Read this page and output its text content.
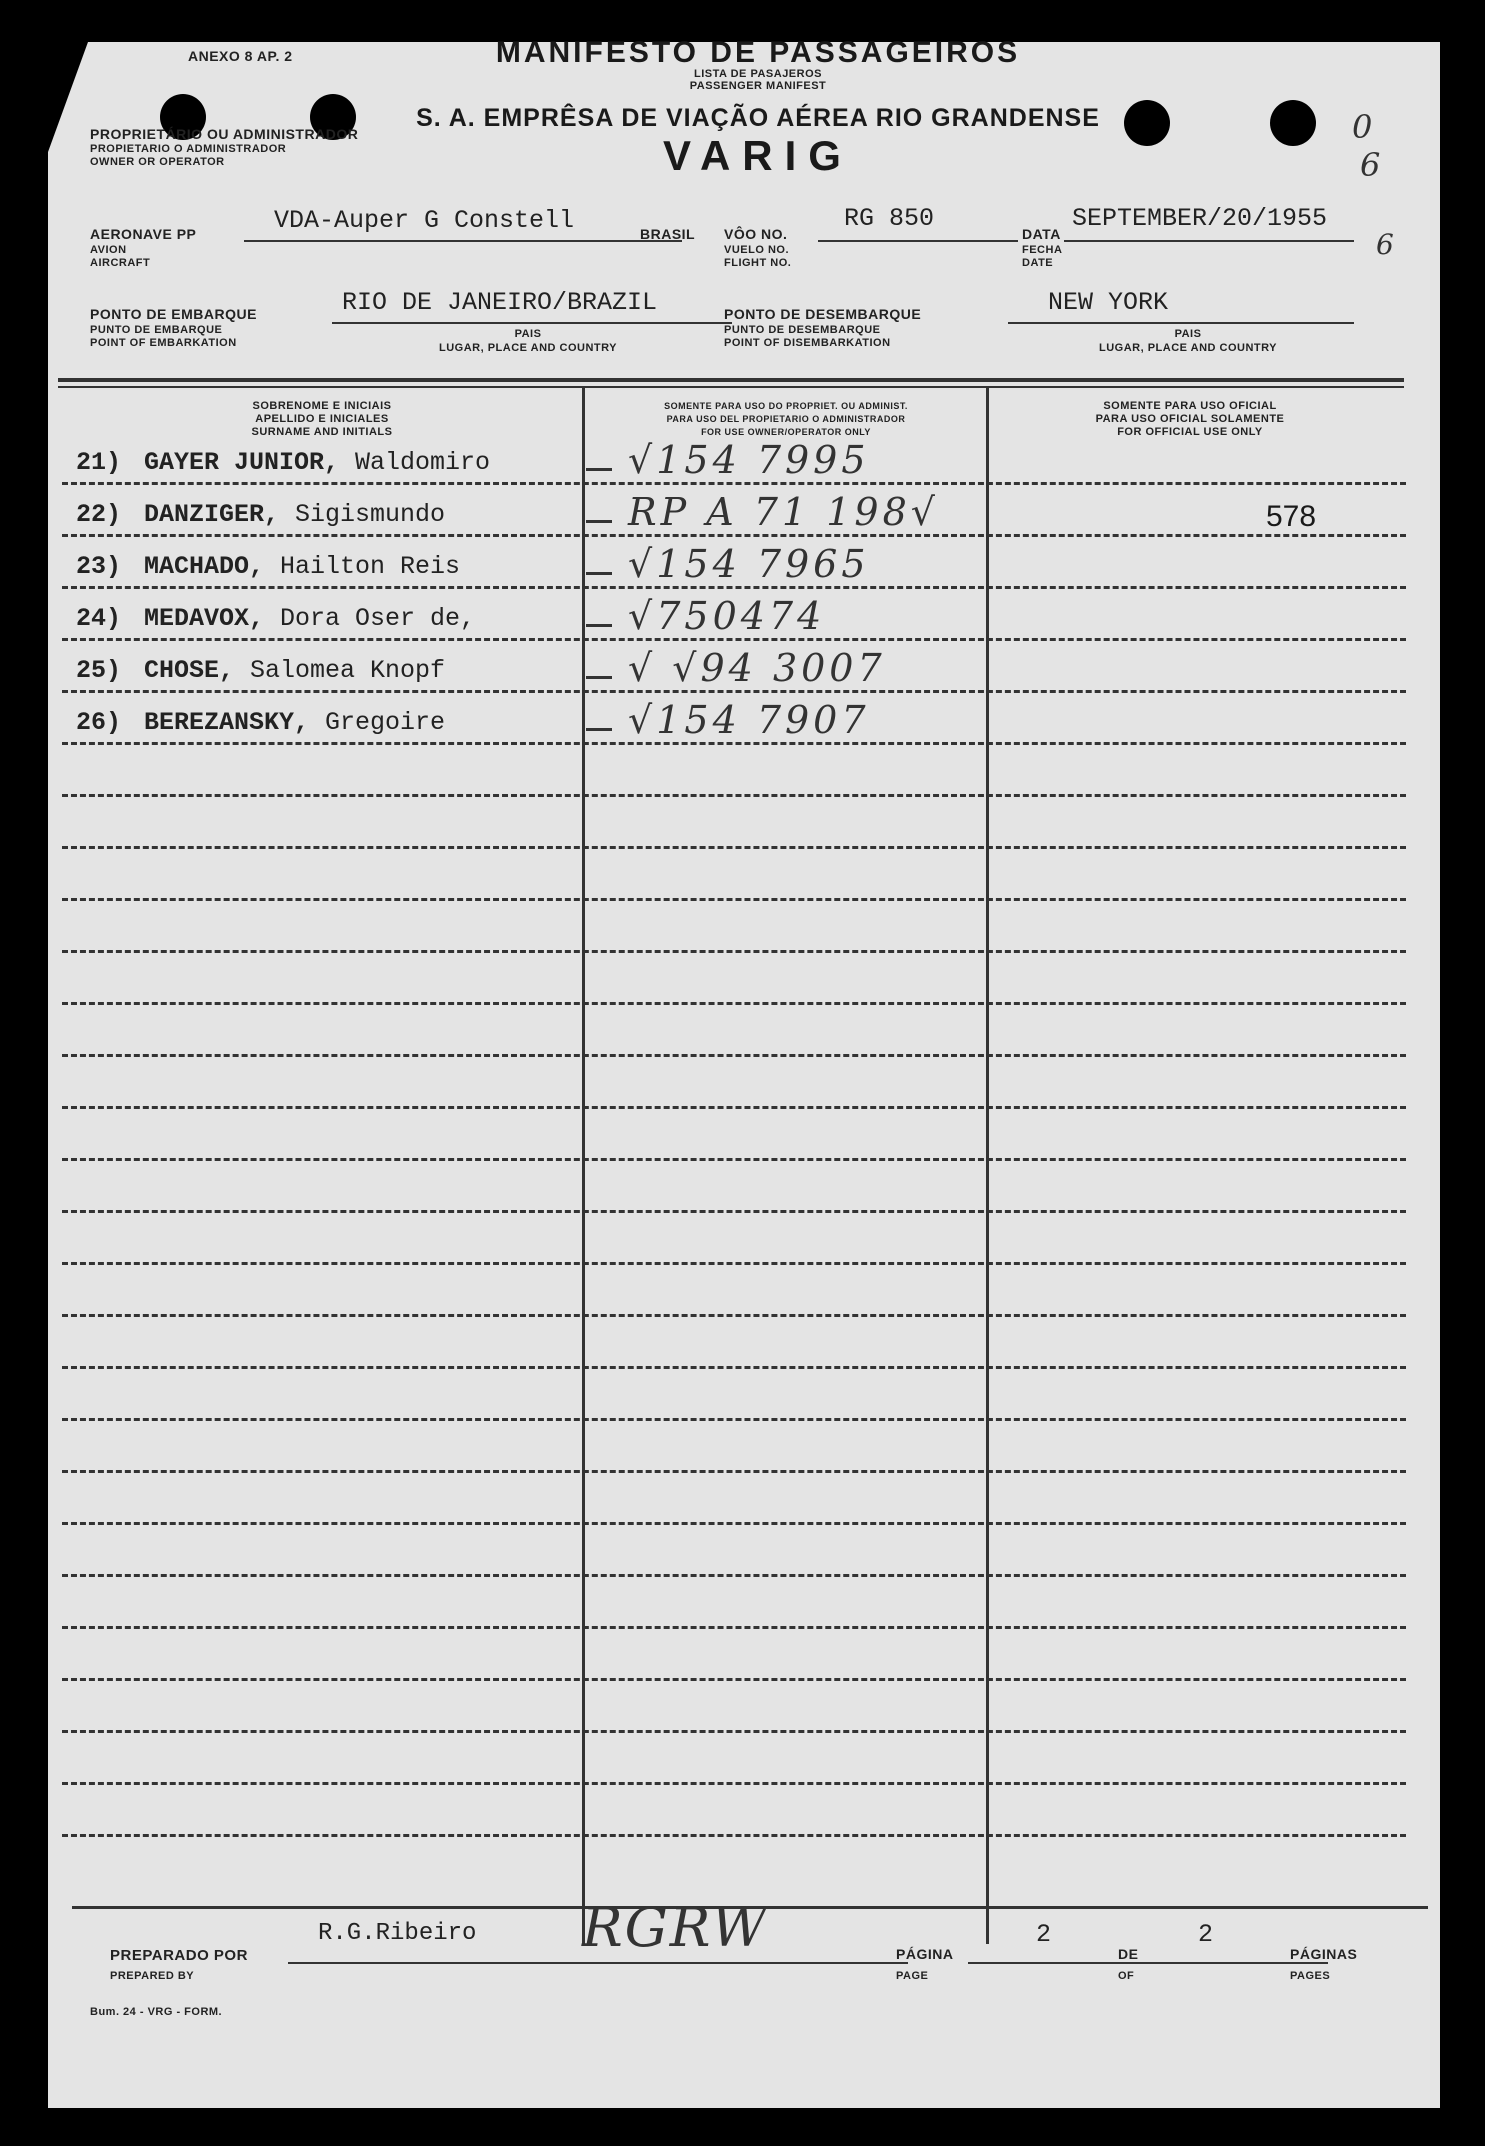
ANEXO 8 AP. 2	MANIFESTO DE PASSAGEIROS
LISTA DE PASAJEROS
PASSENGER MANIFEST
S. A. EMPRÊSA DE VIAÇÃO AÉREA RIO GRANDENSE
VARIG
PROPRIETÁRIO OU ADMINISTRADOR
PROPIETARIO O ADMINISTRADOR
OWNER OR OPERATOR
0
6
6
AERONAVE PP
AVION
AIRCRAFT
VDA-Auper G Constell	BRASIL VÔO NO.
VUELO NO.
FLIGHT NO.
RG 850
DATA
FECHA
DATE
SEPTEMBER/20/1955
PONTO DE EMBARQUE
PUNTO DE EMBARQUE
POINT OF EMBARKATION
RIO DE JANEIRO/BRAZIL
PAIS
LUGAR, PLACE AND COUNTRY
PONTO DE DESEMBARQUE
PUNTO DE DESEMBARQUE
POINT OF DISEMBARKATION
NEW YORK
PAIS
LUGAR, PLACE AND COUNTRY
SOBRENOME E INICIAIS
APELLIDO E INICIALES
SURNAME AND INITIALS
SOMENTE PARA USO DO PROPRIET. OU ADMINIST.
PARA USO DEL PROPIETARIO O ADMINISTRADOR
FOR USE OWNER/OPERATOR ONLY
SOMENTE PARA USO OFICIAL
PARA USO OFICIAL SOLAMENTE
FOR OFFICIAL USE ONLY
21) GAYER JUNIOR, Waldomiro	√154 7995
22) DANZIGER, Sigismundo	RP A 71 198√	578
23) MACHADO, Hailton Reis	√154 7965
24) MEDAVOX, Dora Oser de,	√750474
25) CHOSE, Salomea Knopf	√ √94 3007
26) BEREZANSKY, Gregoire	√154 7907
PREPARADO POR
PREPARED BY
R.G.Ribeiro RGRW	PÁGINA
PAGE
2
DE
OF
2
PÁGINAS
PAGES
Bum. 24 - VRG - FORM.
